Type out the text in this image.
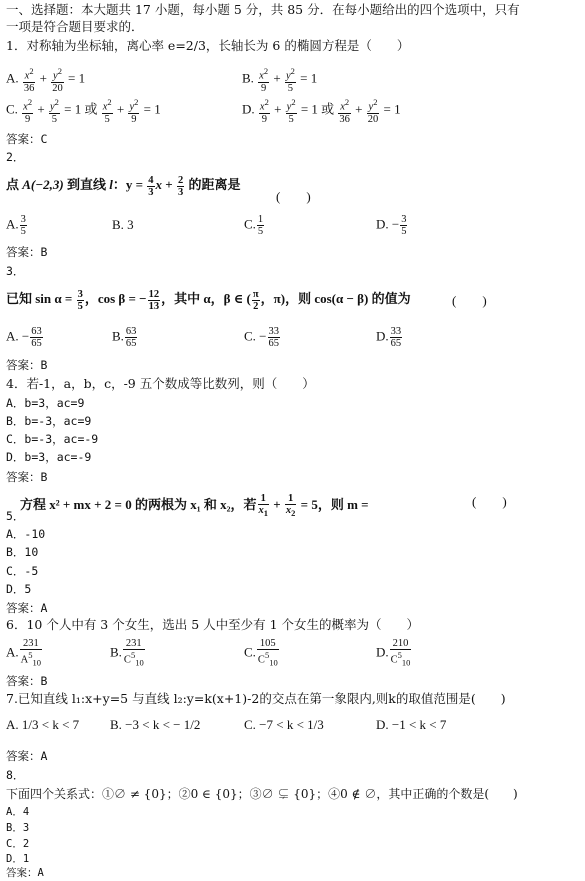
一、选择题：本大题共 17 小题，每小题 5 分，共 85 分．在每小题给出的四个选项中，只有
一项是符合题目要求的．
1．对称轴为坐标轴，离心率 e=2/3，长轴长为 6 的椭圆方程是（　　）
A. $\frac{x^2}{36} + \frac{y^2}{20} = 1$	B. $\frac{x^2}{9} + \frac{y^2}{5} = 1$
C. $\frac{x^2}{9} + \frac{y^2}{5} = 1$ 或 $\frac{x^2}{5} + \frac{y^2}{9} = 1$	D. $\frac{x^2}{9} + \frac{y^2}{5} = 1$ 或 $\frac{x^2}{36} + \frac{y^2}{20} = 1$
答案：C
2．
点 A(−2,3) 到直线 l：$y = \frac{4}{3}$ $x + \frac{2}{3}$ 的距离是
(　　)
A. $\frac{3}{5}$	B. 3	C. $\frac{1}{5}$	D. − $\frac{3}{5}$
答案：B
3．
已知 $\sin \alpha = \frac{3}{5}$ ，cos β = − $\frac{12}{13}$ ，其中 α，β ∈ ( $\frac{\pi}{2}$ ，π)，则 cos(α − β) 的值为	(　　)
A. − $\frac{63}{65}$	B. $\frac{63}{65}$	C. − $\frac{33}{65}$	D. $\frac{33}{65}$
答案：B
4．若-1，a，b，c，-9 五个数成等比数列，则（　　）
A．b=3，ac=9
B．b=-3，ac=9
C．b=-3，ac=-9
D．b=3，ac=-9
答案：B
方程 x² + mx + 2 = 0 的两根为 x₁ 和 x₂，若 $\frac{1}{x_1} + \frac{1}{x_2} = 5$，则 m =	(　　)
5．
A．-10
B．10
C．-5
D．5
答案：A
6．10 个人中有 3 个女生，选出 5 人中至少有 1 个女生的概率为（　　）
A. $\frac{231}{A^5_{10}}$	B. $\frac{231}{C^5_{10}}$	C. $\frac{105}{C^5_{10}}$	D. $\frac{210}{C^5_{10}}$
答案：B
7.已知直线 l₁:x+y=5 与直线 l₂:y=k(x+1)-2的交点在第一象限内,则k的取值范围是(　　)
A. 1/3 < k < 7 B. −3 < k < − 1/2	C. −7 < k < 1/3	D. −1 < k < 7
答案：A
8．
下面四个关系式：①∅ ≠ {0}；②0 ∈ {0}；③∅ ⊊ {0}；④0 ∉ ∅，其中正确的个数是(　　)
A．4
B．3
C．2
D．1
答案：A
